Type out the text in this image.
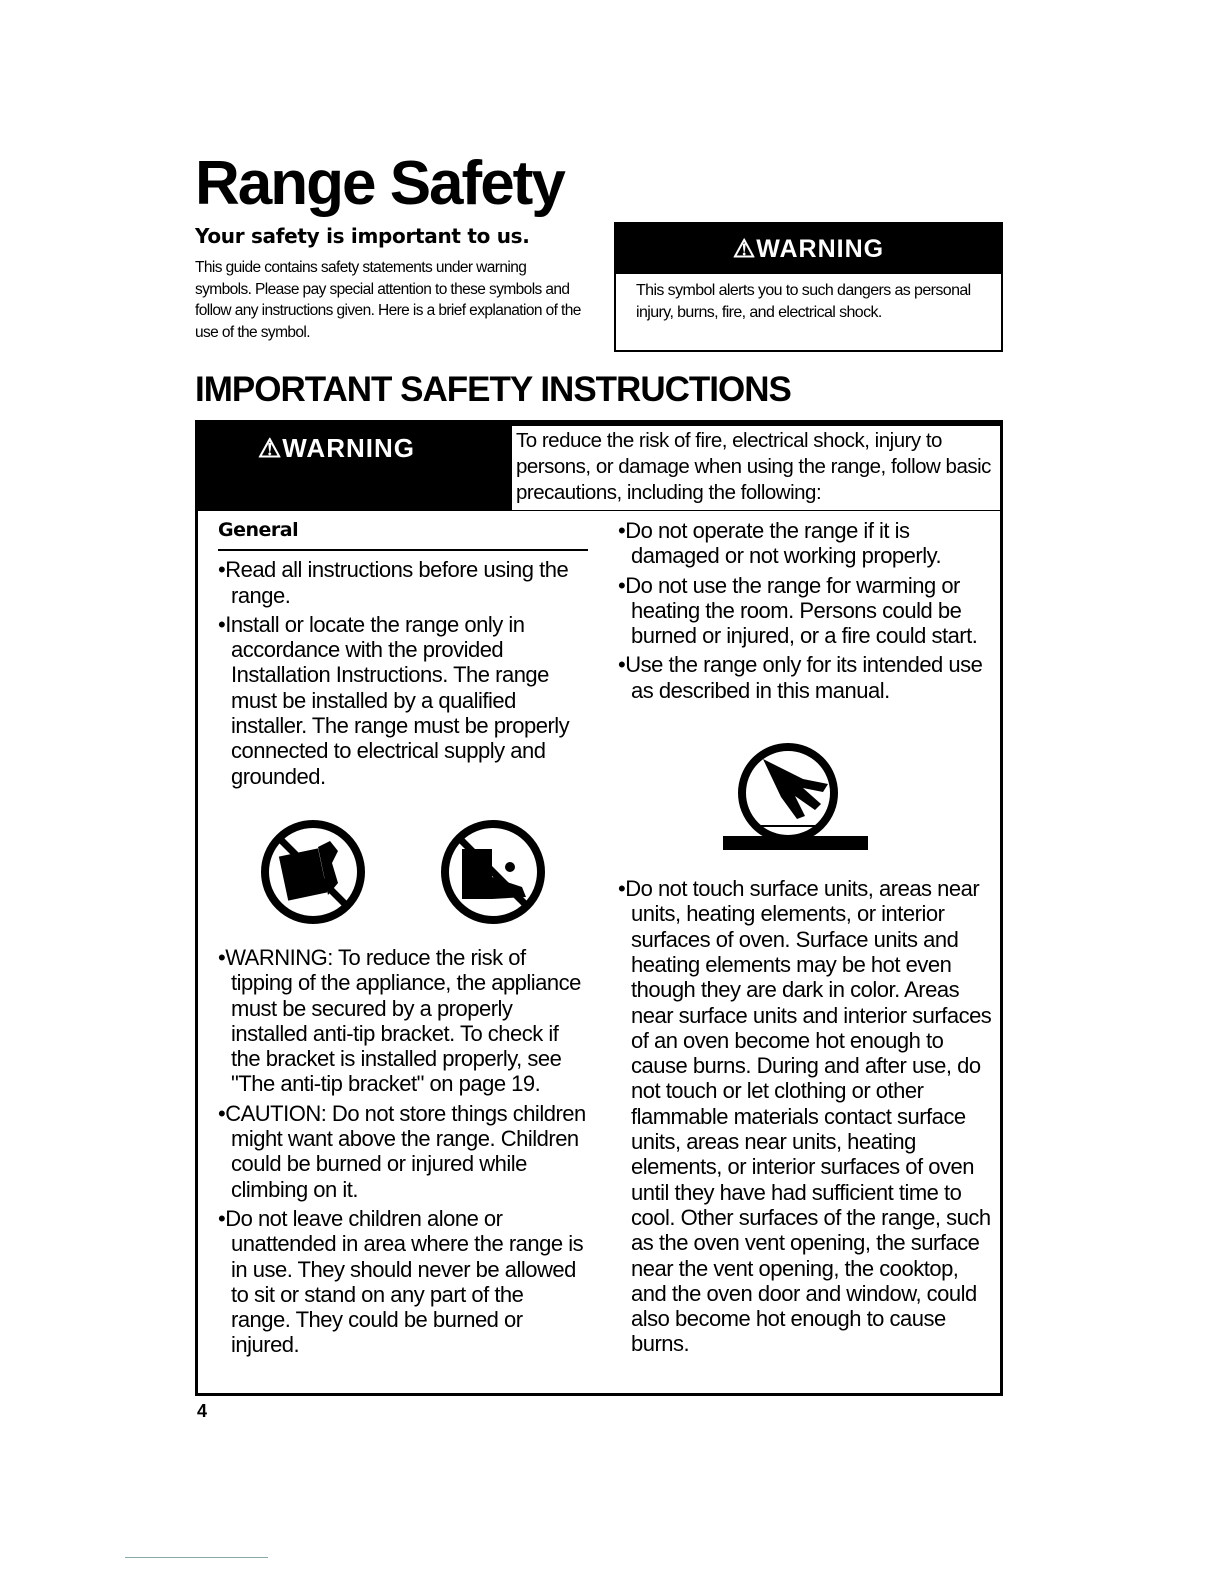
Range Safety
Your safety is important to us.
This guide contains safety statements under warning symbols. Please pay special attention to these symbols and follow any instructions given. Here is a brief explanation of the use of the symbol.
⚠WARNING
This symbol alerts you to such dangers as personal injury, burns, fire, and electrical shock.
IMPORTANT SAFETY INSTRUCTIONS
⚠WARNING	To reduce the risk of fire, electrical shock, injury to persons, or damage when using the range, follow basic precautions, including the following:
General
• Read all instructions before using the range.
• Install or locate the range only in accordance with the provided Installation Instructions. The range must be installed by a qualified installer. The range must be properly connected to electrical supply and grounded.
• WARNING: To reduce the risk of tipping of the appliance, the appliance must be secured by a properly installed anti-tip bracket. To check if the bracket is installed properly, see "The anti-tip bracket" on page 19.
• CAUTION: Do not store things children might want above the range. Children could be burned or injured while climbing on it.
• Do not leave children alone or unattended in area where the range is in use. They should never be allowed to sit or stand on any part of the range. They could be burned or injured.
• Do not operate the range if it is damaged or not working properly.
• Do not use the range for warming or heating the room. Persons could be burned or injured, or a fire could start.
• Use the range only for its intended use as described in this manual.
• Do not touch surface units, areas near units, heating elements, or interior surfaces of oven. Surface units and heating elements may be hot even though they are dark in color. Areas near surface units and interior surfaces of an oven become hot enough to cause burns. During and after use, do not touch or let clothing or other flammable materials contact surface units, areas near units, heating elements, or interior surfaces of oven until they have had sufficient time to cool. Other surfaces of the range, such as the oven vent opening, the surface near the vent opening, the cooktop, and the oven door and window, could also become hot enough to cause burns.
4
